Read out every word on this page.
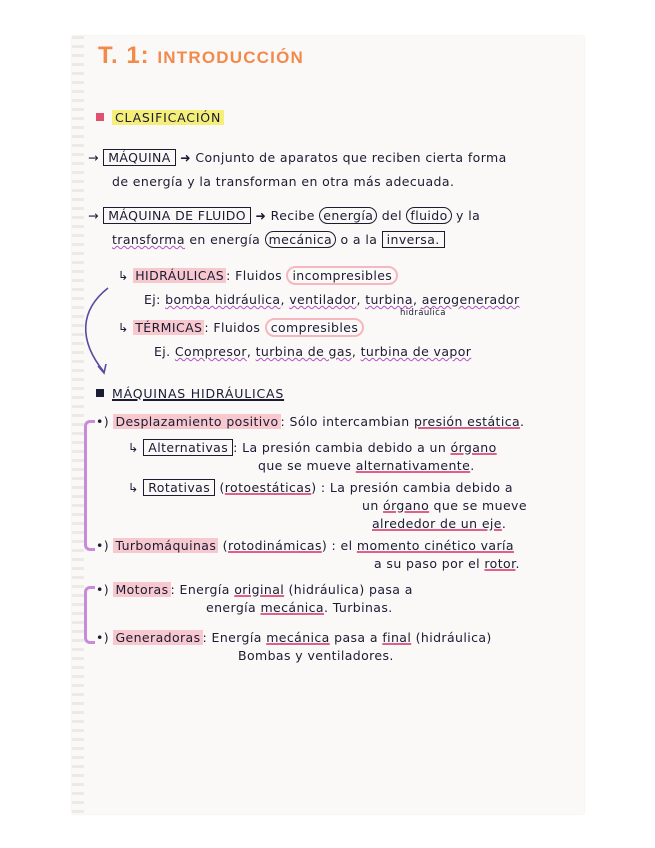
T. 1: INTRODUCCIÓN
CLASIFICACIÓN
→ MÁQUINA ➜ Conjunto de aparatos que reciben cierta forma
de energía y la transforman en otra más adecuada.
→ MÁQUINA DE FLUIDO ➜ Recibe energía del fluido y la
transforma en energía mecánica o a la inversa.
↳ HIDRÁULICAS : Fluidos incompresibles
Ej: bomba hidráulica, ventilador, turbina, aerogenerador
hidráulica
↳ TÉRMICAS : Fluidos compresibles
Ej. Compresor, turbina de gas, turbina de vapor
MÁQUINAS HIDRÁULICAS
•) Desplazamiento positivo : Sólo intercambian presión estática.
↳ Alternativas : La presión cambia debido a un órgano
que se mueve alternativamente.
↳ Rotativas (rotoestáticas) : La presión cambia debido a
un órgano que se mueve
alrededor de un eje.
•) Turbomáquinas (rotodinámicas) : el momento cinético varía
a su paso por el rotor.
•) Motoras : Energía original (hidráulica) pasa a
energía mecánica. Turbinas.
•) Generadoras : Energía mecánica pasa a final (hidráulica)
Bombas y ventiladores.
